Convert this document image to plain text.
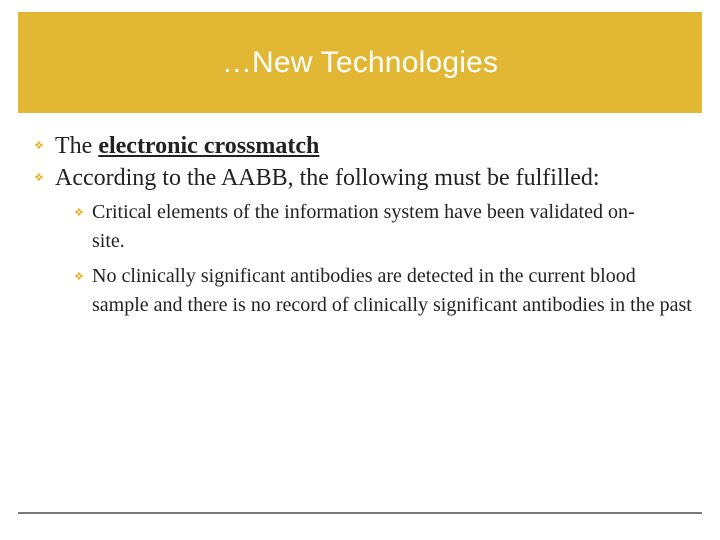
…New Technologies
❖ The electronic crossmatch
❖ According to the AABB, the following must be fulfilled:
❖ Critical elements of the information system have been validated on-site.
❖ No clinically significant antibodies are detected in the current blood sample and there is no record of clinically significant antibodies in the past
